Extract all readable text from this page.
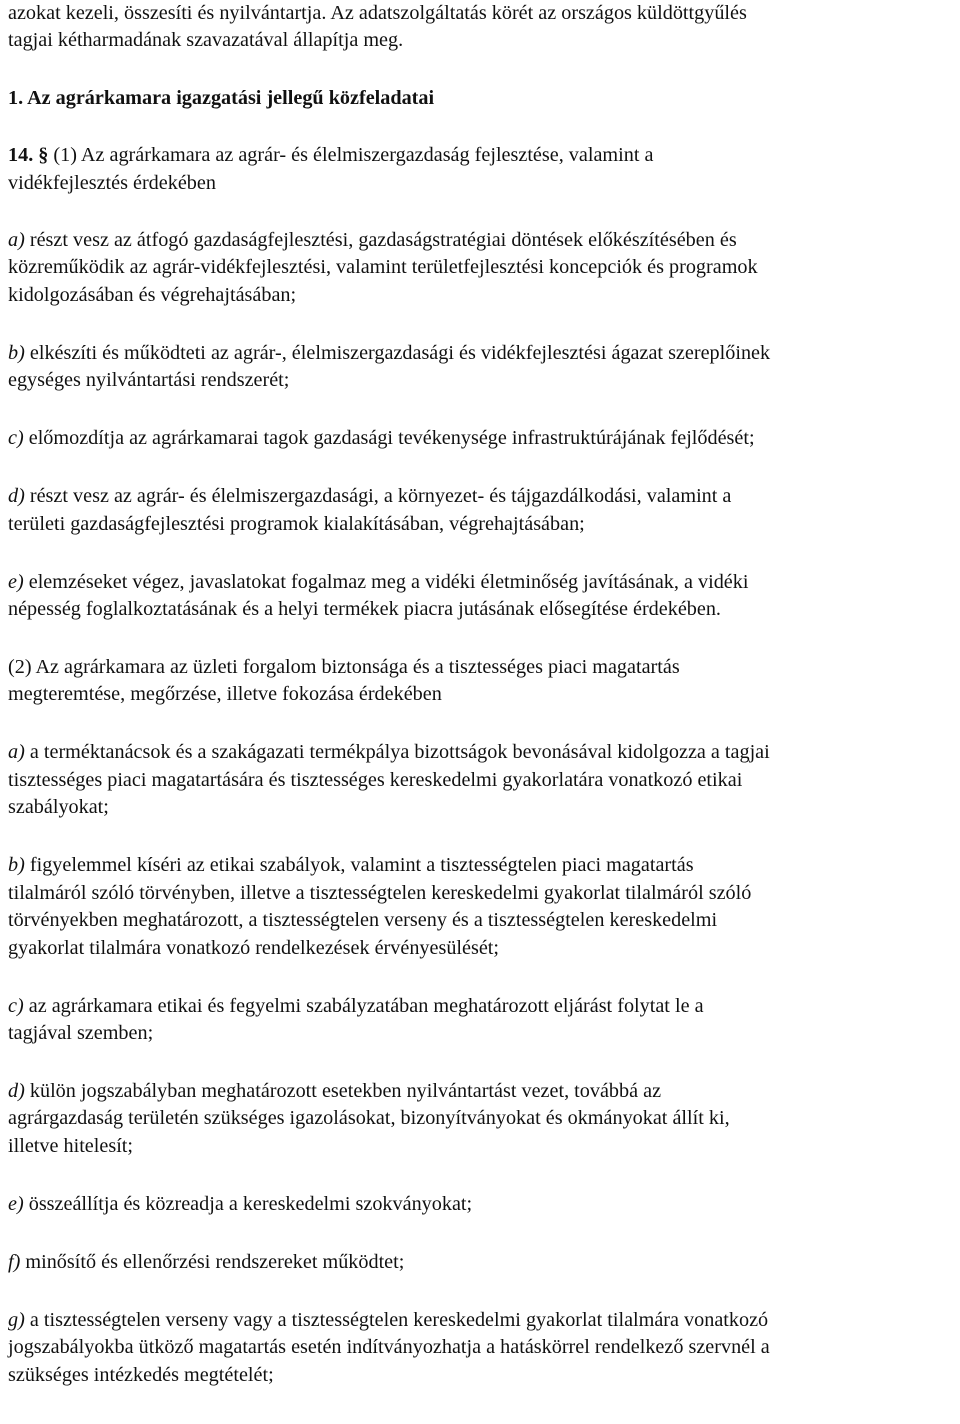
azokat kezeli, összesíti és nyilvántartja. Az adatszolgáltatás körét az országos küldöttgyűlés
tagjai kétharmadának szavazatával állapítja meg.
1. Az agrárkamara igazgatási jellegű közfeladatai
14. § (1) Az agrárkamara az agrár- és élelmiszergazdaság fejlesztése, valamint a
vidékfejlesztés érdekében
a) részt vesz az átfogó gazdaságfejlesztési, gazdaságstratégiai döntések előkészítésében és
közreműködik az agrár-vidékfejlesztési, valamint területfejlesztési koncepciók és programok
kidolgozásában és végrehajtásában;
b) elkészíti és működteti az agrár-, élelmiszergazdasági és vidékfejlesztési ágazat szereplőinek
egységes nyilvántartási rendszerét;
c) előmozdítja az agrárkamarai tagok gazdasági tevékenysége infrastruktúrájának fejlődését;
d) részt vesz az agrár- és élelmiszergazdasági, a környezet- és tájgazdálkodási, valamint a
területi gazdaságfejlesztési programok kialakításában, végrehajtásában;
e) elemzéseket végez, javaslatokat fogalmaz meg a vidéki életminőség javításának, a vidéki
népesség foglalkoztatásának és a helyi termékek piacra jutásának elősegítése érdekében.
(2) Az agrárkamara az üzleti forgalom biztonsága és a tisztességes piaci magatartás
megteremtése, megőrzése, illetve fokozása érdekében
a) a terméktanácsok és a szakágazati termékpálya bizottságok bevonásával kidolgozza a tagjai
tisztességes piaci magatartására és tisztességes kereskedelmi gyakorlatára vonatkozó etikai
szabályokat;
b) figyelemmel kíséri az etikai szabályok, valamint a tisztességtelen piaci magatartás
tilalmáról szóló törvényben, illetve a tisztességtelen kereskedelmi gyakorlat tilalmáról szóló
törvényekben meghatározott, a tisztességtelen verseny és a tisztességtelen kereskedelmi
gyakorlat tilalmára vonatkozó rendelkezések érvényesülését;
c) az agrárkamara etikai és fegyelmi szabályzatában meghatározott eljárást folytat le a
tagjával szemben;
d) külön jogszabályban meghatározott esetekben nyilvántartást vezet, továbbá az
agrárgazdaság területén szükséges igazolásokat, bizonyítványokat és okmányokat állít ki,
illetve hitelesít;
e) összeállítja és közreadja a kereskedelmi szokványokat;
f) minősítő és ellenőrzési rendszereket működtet;
g) a tisztességtelen verseny vagy a tisztességtelen kereskedelmi gyakorlat tilalmára vonatkozó
jogszabályokba ütköző magatartás esetén indítványozhatja a hatáskörrel rendelkező szervnél a
szükséges intézkedés megtételét;
